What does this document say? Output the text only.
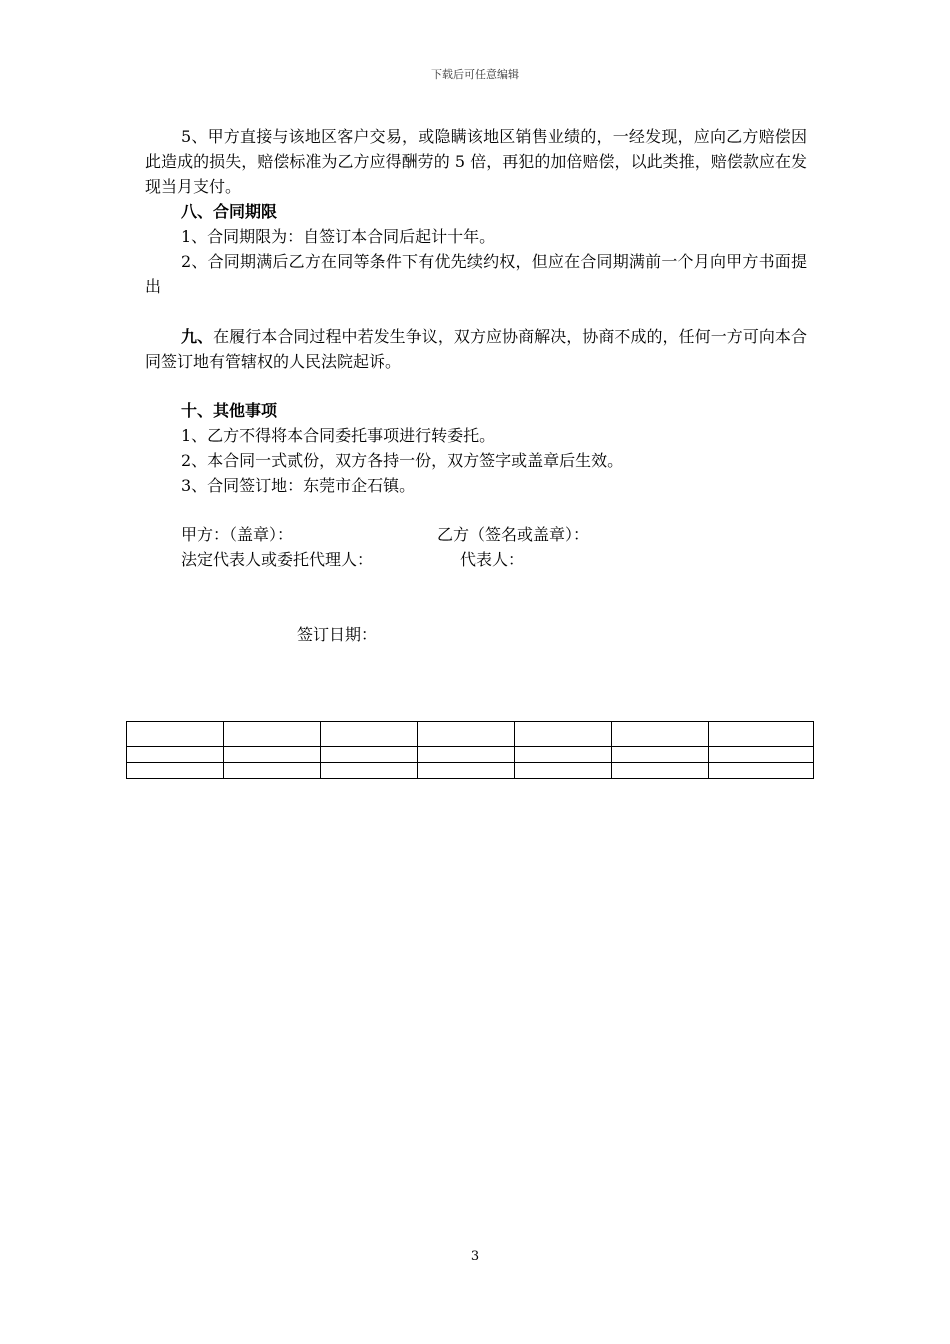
下载后可任意编辑

5、甲方直接与该地区客户交易，或隐瞒该地区销售业绩的，一经发现，应向乙方赔偿因此造成的损失，赔偿标准为乙方应得酬劳的 5 倍，再犯的加倍赔偿，以此类推，赔偿款应在发现当月支付。

八、合同期限

1、合同期限为：自签订本合同后起计十年。

2、合同期满后乙方在同等条件下有优先续约权，但应在合同期满前一个月向甲方书面提出

九、在履行本合同过程中若发生争议，双方应协商解决，协商不成的，任何一方可向本合同签订地有管辖权的人民法院起诉。

十、其他事项

1、乙方不得将本合同委托事项进行转委托。

2、本合同一式贰份，双方各持一份，双方签字或盖章后生效。

3、合同签订地：东莞市企石镇。

甲方：（盖章）：	乙方（签名或盖章）：
法定代表人或委托代理人：	代表人：
签订日期：

3
